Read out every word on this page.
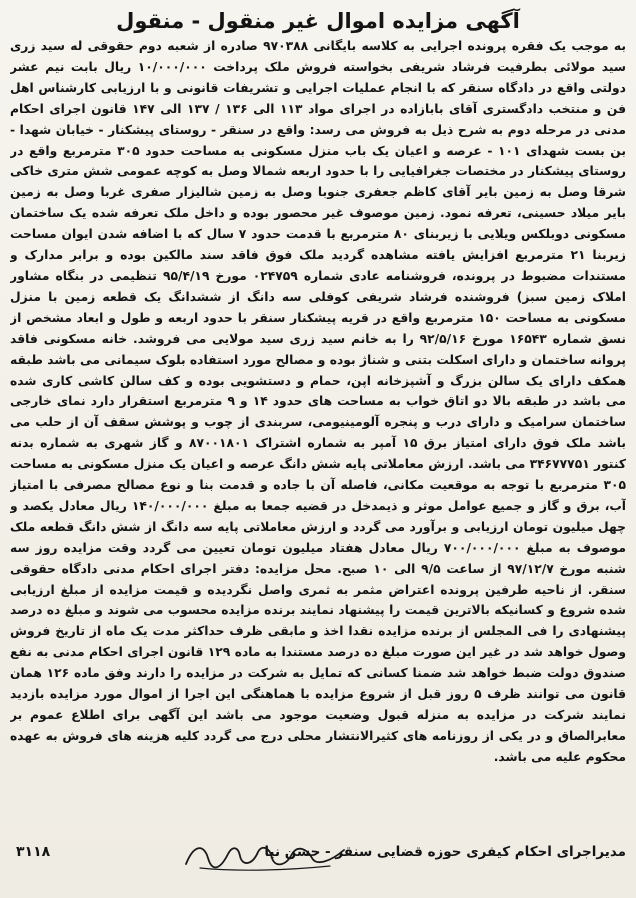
آگهی مزایده اموال غیر منقول - منقول

به موجب یک فقره پرونده اجرایی به کلاسه بایگانی ۹۷۰۳۸۸ صادره از شعبه دوم حقوقی له سید زری سید مولائی بطرفیت فرشاد شریفی بخواسته فروش ملک پرداخت ۱۰/۰۰۰/۰۰۰ ریال بابت نیم عشر دولتی واقع در دادگاه سنقر که با انجام عملیات اجرایی و تشریفات قانونی و با ارزیابی کارشناس اهل فن و منتخب دادگستری آقای بابازاده در اجرای مواد ۱۱۳ الی ۱۳۶ / ۱۳۷ الی ۱۴۷ قانون اجرای احکام مدنی در مرحله دوم به شرح ذیل به فروش می رسد: واقع در سنقر - روستای پیشکنار - خیابان شهدا - بن بست شهدای ۱۰۱ - عرصه و اعیان یک باب منزل مسکونی به مساحت حدود ۳۰۵ مترمربع واقع در روستای پیشکنار در مختصات جغرافیایی را با حدود اربعه شمالا وصل به کوچه عمومی شش متری خاکی شرقا وصل به زمین بایر آقای کاظم جعفری جنوبا وصل به زمین شالیزار صفری غربا وصل به زمین بایر میلاد حسینی، تعرفه نمود. زمین موصوف غیر محصور بوده و داخل ملک تعرفه شده یک ساختمان مسکونی دوبلکس ویلایی با زیربنای ۸۰ مترمربع با قدمت حدود ۷ سال که با اضافه شدن ایوان مساحت زیربنا ۲۱ مترمربع افزایش یافته مشاهده گردید ملک فوق فاقد سند مالکین بوده و برابر مدارک و مستندات مضبوط در پرونده، فروشنامه عادی شماره ۰۲۴۷۵۹ مورخ ۹۵/۴/۱۹ تنظیمی در بنگاه مشاور املاک زمین سبز) فروشنده فرشاد شریفی کوفلی سه دانگ از ششدانگ یک قطعه زمین با منزل مسکونی به مساحت ۱۵۰ مترمربع واقع در قریه پیشکنار سنقر با حدود اربعه و طول و ابعاد مشخص از نسق شماره ۱۶۵۴۳ مورخ ۹۲/۵/۱۶ را به خانم سید زری سید مولایی می فروشد. خانه مسکونی فاقد پروانه ساختمان و دارای اسکلت بتنی و شناژ بوده و مصالح مورد استفاده بلوک سیمانی می باشد طبقه همکف دارای یک سالن بزرگ و آشپزخانه اپن، حمام و دستشویی بوده و کف سالن کاشی کاری شده می باشد در طبقه بالا دو اتاق خواب به مساحت های حدود ۱۴ و ۹ مترمربع استقرار دارد نمای خارجی ساختمان سرامیک و دارای درب و پنجره آلومینیومی، سربندی از چوب و پوشش سقف آن از حلب می باشد ملک فوق دارای امتیاز برق ۱۵ آمپر به شماره اشتراک ۸۷۰۰۱۸۰۱ و گاز شهری به شماره بدنه کنتور ۳۴۶۷۷۷۵۱ می باشد. ارزش معاملاتی پایه شش دانگ عرصه و اعیان یک منزل مسکونی به مساحت ۳۰۵ مترمربع با توجه به موقعیت مکانی، فاصله آن با جاده و قدمت بنا و نوع مصالح مصرفی با امتیاز آب، برق و گاز و جمیع عوامل موثر و ذیمدخل در قضیه جمعا به مبلغ ۱۴۰/۰۰۰/۰۰۰ ریال معادل یکصد و چهل میلیون تومان ارزیابی و برآورد می گردد و ارزش معاملاتی پایه سه دانگ از شش دانگ قطعه ملک موصوف به مبلغ ۷۰۰/۰۰۰/۰۰۰ ریال معادل هفتاد میلیون تومان تعیین می گردد وقت مزایده روز سه شنبه مورخ ۹۷/۱۲/۷ از ساعت ۹/۵ الی ۱۰ صبح. محل مزایده: دفتر اجرای احکام مدنی دادگاه حقوقی سنقر. از ناحیه طرفین پرونده اعتراض مثمر به ثمری واصل نگردیده و قیمت مزایده از مبلغ ارزیابی شده شروع و کسانیکه بالاترین قیمت را پیشنهاد نمایند برنده مزایده محسوب می شوند و مبلغ ده درصد پیشنهادی را فی المجلس از برنده مزایده نقدا اخذ و مابقی ظرف حداکثر مدت یک ماه از تاریخ فروش وصول خواهد شد در غیر این صورت مبلغ ده درصد مستندا به ماده ۱۲۹ قانون اجرای احکام مدنی به نفع صندوق دولت ضبط خواهد شد ضمنا کسانی که تمایل به شرکت در مزایده را دارند وفق ماده ۱۲۶ همان قانون می توانند ظرف ۵ روز قبل از شروع مزایده با هماهنگی این اجرا از اموال مورد مزایده بازدید نمایند شرکت در مزایده به منزله قبول وضعیت موجود می باشد این آگهی برای اطلاع عموم بر معابرالصاق و در یکی از روزنامه های کثیرالانتشار محلی درج می گردد کلیه هزینه های فروش به عهده محکوم علیه می باشد.

مدیراجرای احکام کیفری حوزه قضایی سنقر - حسن نیا
۳۱۱۸
